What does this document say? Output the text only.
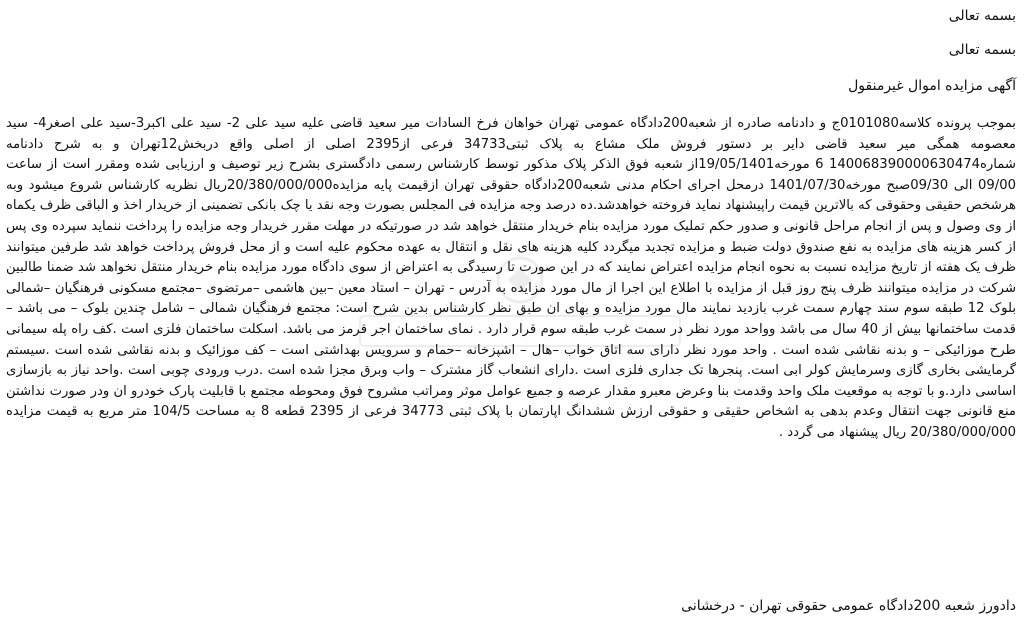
بسمه تعالی
بسمه تعالی
آگهی مزایده اموال غیرمنقول

بموجب پرونده کلاسه0101080ج و دادنامه صادره از شعبه200دادگاه عمومی تهران خواهان فرخ السادات میر سعید قاضی علیه سید علی 2- سید علی اکبر3-سید علی اصغر4- سید معصومه همگی میر سعید قاضی دایر بر دستور فروش ملک مشاع به پلاک ثبتی34733 فرعی از2395 اصلی از اصلی واقع دربخش12تهران و به شرح دادنامه شماره140068390000630474 6 مورخه19/05/1401از شعبه فوق الذکر پلاک مذکور توسط کارشناس رسمی دادگستری بشرح زیر توصیف و ارزیابی شده ومقرر است از ساعت 09/00 الی 09/30صبح مورخه1401/07/30 درمحل اجرای احکام مدنی شعبه200دادگاه حقوقی تهران ازقیمت پایه مزایده20/380/000/000ریال نظریه کارشناس شروع میشود وبه هرشخص حقیقی وحقوقی که بالاترین قیمت راپیشنهاد نماید فروخته خواهدشد.ده درصد وجه مزایده فی المجلس بصورت وجه نقد یا چک بانکی تضمینی از خریدار اخذ و الباقی ظرف یکماه از وی وصول و پس از انجام مراحل قانونی و صدور حکم تملیک مورد مزایده بنام خریدار منتقل خواهد شد در صورتیکه در مهلت مقرر خریدار وجه مزایده را پرداخت ننماید سپرده وی پس از کسر هزینه های مزایده به نفع صندوق دولت ضبط و مزایده تجدید میگردد کلیه هزینه های نقل و انتقال به عهده محکوم علیه است و از محل فروش پرداخت خواهد شد طرفین میتوانند ظرف یک هفته از تاریخ مزایده نسبت به نحوه انجام مزایده اعتراض نمایند که در این صورت تا رسیدگی به اعتراض از سوی دادگاه مورد مزایده بنام خریدار منتقل نخواهد شد ضمنا طالبین شرکت در مزایده میتوانند ظرف پنج روز قبل از مزایده با اطلاع این اجرا از مال مورد مزایده به آدرس - تهران – استاد معین –بین هاشمی –مرتضوی –مجتمع مسکونی فرهنگیان –شمالی بلوک 12 طبقه سوم سند چهارم سمت غرب بازدید نمایند مال مورد مزایده و بهای ان طبق نظر کارشناس بدین شرح است: مجتمع فرهنگیان شمالی – شامل چندین بلوک – می باشد – قدمت ساختمانها بیش از 40 سال می باشد وواحد مورد نظر در سمت غرب طبقه سوم قرار دارد . نمای ساختمان اجر قرمز می باشد. اسکلت ساختمان فلزی است .کف راه پله سیمانی طرح موزائیکی – و بدنه نقاشی شده است . واحد مورد نظر دارای سه اتاق خواب –هال – اشپزخانه –حمام و سرویس بهداشتی است – کف موزائیک و بدنه نقاشی شده است .سیستم گرمایشی بخاری گازی وسرمایش کولر ابی است. پنجرها تک جداری فلزی است .دارای انشعاب گاز مشترک – واب وبرق مجزا شده است .درب ورودی چوبی است .واحد نیاز به بازسازی اساسی دارد.و با توجه به موقعیت ملک واحد وقدمت بنا وعرض معبرو مقدار عرصه و جمیع عوامل موثر ومراتب مشروح فوق ومحوطه مجتمع با قابلیت پارک خودرو ان ودر صورت نداشتن منع قانونی جهت انتقال وعدم بدهی به اشخاص حقیقی و حقوقی ارزش ششدانگ اپارتمان با پلاک ثبتی 34773 فرعی از 2395 قطعه 8 به مساحت 104/5 متر مربع به قیمت مزایده 20/380/000/000 ریال پیشنهاد می گردد .

دادورز شعبه 200دادگاه عمومی حقوقی تهران - درخشانی
